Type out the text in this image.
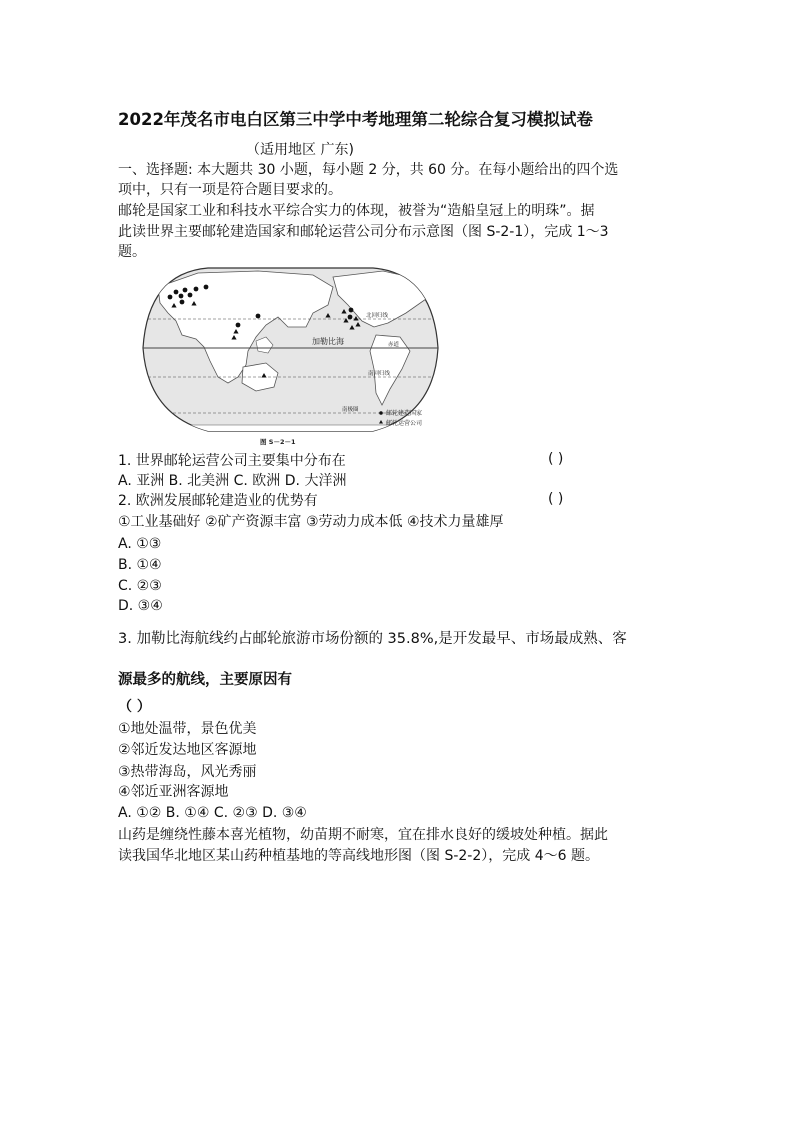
2022年茂名市电白区第三中学中考地理第二轮综合复习模拟试卷
（适用地区 广东)
一、选择题: 本大题共 30 小题，每小题 2 分，共 60 分。在每小题给出的四个选
项中，只有一项是符合题目要求的。
邮轮是国家工业和科技水平综合实力的体现，被誉为“造船皇冠上的明珠”。据
此读世界主要邮轮建造国家和邮轮运营公司分布示意图（图 S-2-1），完成 1～3
题。
加勒比海
北回归线
赤道
南回归线
南极圈	邮轮建造国家
邮轮运营公司
图 S－2－1
1. 世界邮轮运营公司主要集中分布在	( )
A. 亚洲 B. 北美洲 C. 欧洲 D. 大洋洲
2. 欧洲发展邮轮建造业的优势有	( )
①工业基础好 ②矿产资源丰富 ③劳动力成本低 ④技术力量雄厚
A. ①③
B. ①④
C. ②③
D. ③④
3. 加勒比海航线约占邮轮旅游市场份额的 35.8%,是开发最早、市场最成熟、客
源最多的航线，主要原因有
（ ）
①地处温带，景色优美
②邻近发达地区客源地
③热带海岛，风光秀丽
④邻近亚洲客源地
A. ①② B. ①④ C. ②③ D. ③④
山药是缠绕性藤本喜光植物，幼苗期不耐寒，宜在排水良好的缓坡处种植。据此
读我国华北地区某山药种植基地的等高线地形图（图 S-2-2），完成 4～6 题。
